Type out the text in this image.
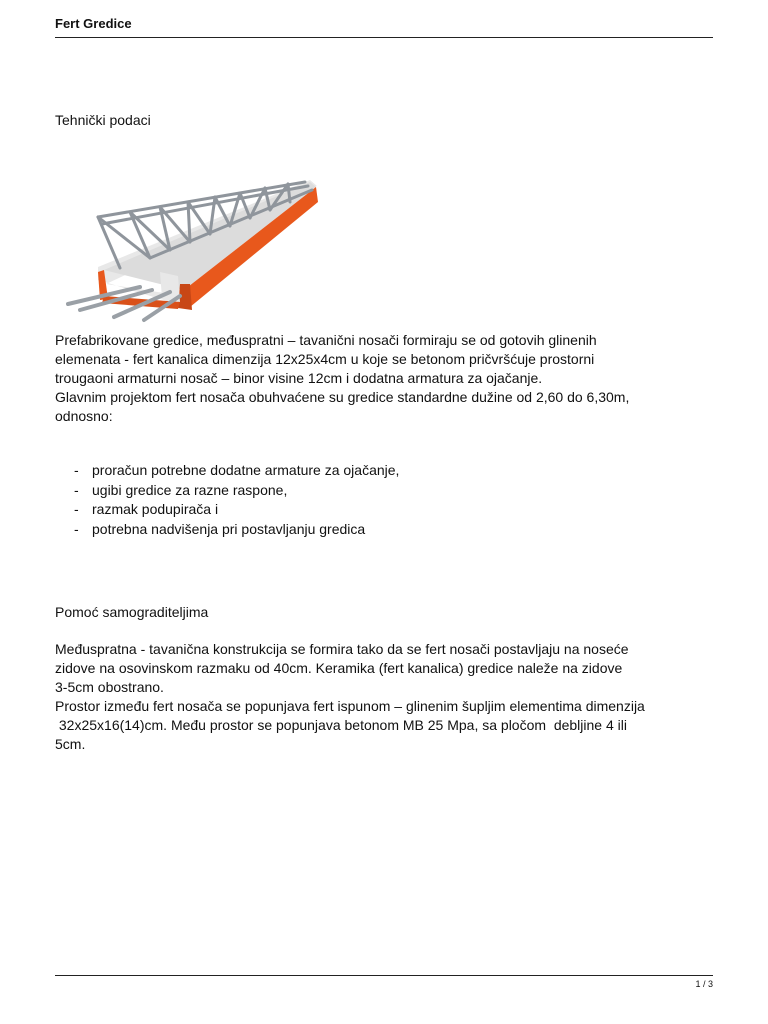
Fert Gredice
Tehnički podaci

Prefabrikovane gredice, međuspratni – tavanični nosači formiraju se od gotovih glinenih

elemenata - fert kanalica dimenzija 12x25x4cm u koje se betonom pričvršćuje prostorni

trougaoni armaturni nosač – binor visine 12cm i dodatna armatura za ojačanje.

Glavnim projektom fert nosača obuhvaćene su gredice standardne dužine od 2,60 do 6,30m,

odnosno:

- proračun potrebne dodatne armature za ojačanje,
- ugibi gredice za razne raspone,
- razmak podupirača i
- potrebna nadvišenja pri postavljanju gredica
Pomoć samograditeljima

Međuspratna - tavanična konstrukcija se formira tako da se fert nosači postavljaju na noseće

zidove na osovinskom razmaku od 40cm. Keramika (fert kanalica) gredice naleže na zidove

3-5cm obostrano.

Prostor između fert nosača se popunjava fert ispunom – glinenim šupljim elementima dimenzija

32x25x16(14)cm. Među prostor se popunjava betonom MB 25 Mpa, sa pločom  debljine 4 ili

5cm.

1 / 3
